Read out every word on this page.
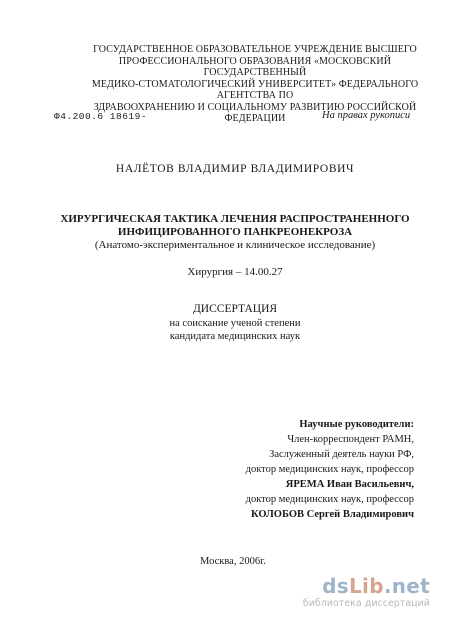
ГОСУДАРСТВЕННОЕ ОБРАЗОВАТЕЛЬНОЕ УЧРЕЖДЕНИЕ ВЫСШЕГО
ПРОФЕССИОНАЛЬНОГО ОБРАЗОВАНИЯ «МОСКОВСКИЙ ГОСУДАРСТВЕННЫЙ
МЕДИКО-СТОМАТОЛОГИЧЕСКИЙ УНИВЕРСИТЕТ» ФЕДЕРАЛЬНОГО АГЕНТСТВА ПО
ЗДРАВООХРАНЕНИЮ И СОЦИАЛЬНОМУ РАЗВИТИЮ РОССИЙСКОЙ ФЕДЕРАЦИИ
Ф4.200.6 18619-	На правах рукописи
НАЛЁТОВ ВЛАДИМИР ВЛАДИМИРОВИЧ
ХИРУРГИЧЕСКАЯ ТАКТИКА ЛЕЧЕНИЯ РАСПРОСТРАНЕННОГО
ИНФИЦИРОВАННОГО ПАНКРЕОНЕКРОЗА
(Анатомо-экспериментальное и клиническое исследование)
Хирургия – 14.00.27
ДИССЕРТАЦИЯ
на соискание ученой степени
кандидата медицинских наук
Научные руководители:
Член-корреспондент РАМН,
Заслуженный деятель науки РФ,
доктор медицинских наук, профессор
ЯРЕМА Иван Васильевич,
доктор медицинских наук, профессор
КОЛОБОВ Сергей Владимирович
Москва, 2006г.
dsLib.net
библиотека диссертаций
